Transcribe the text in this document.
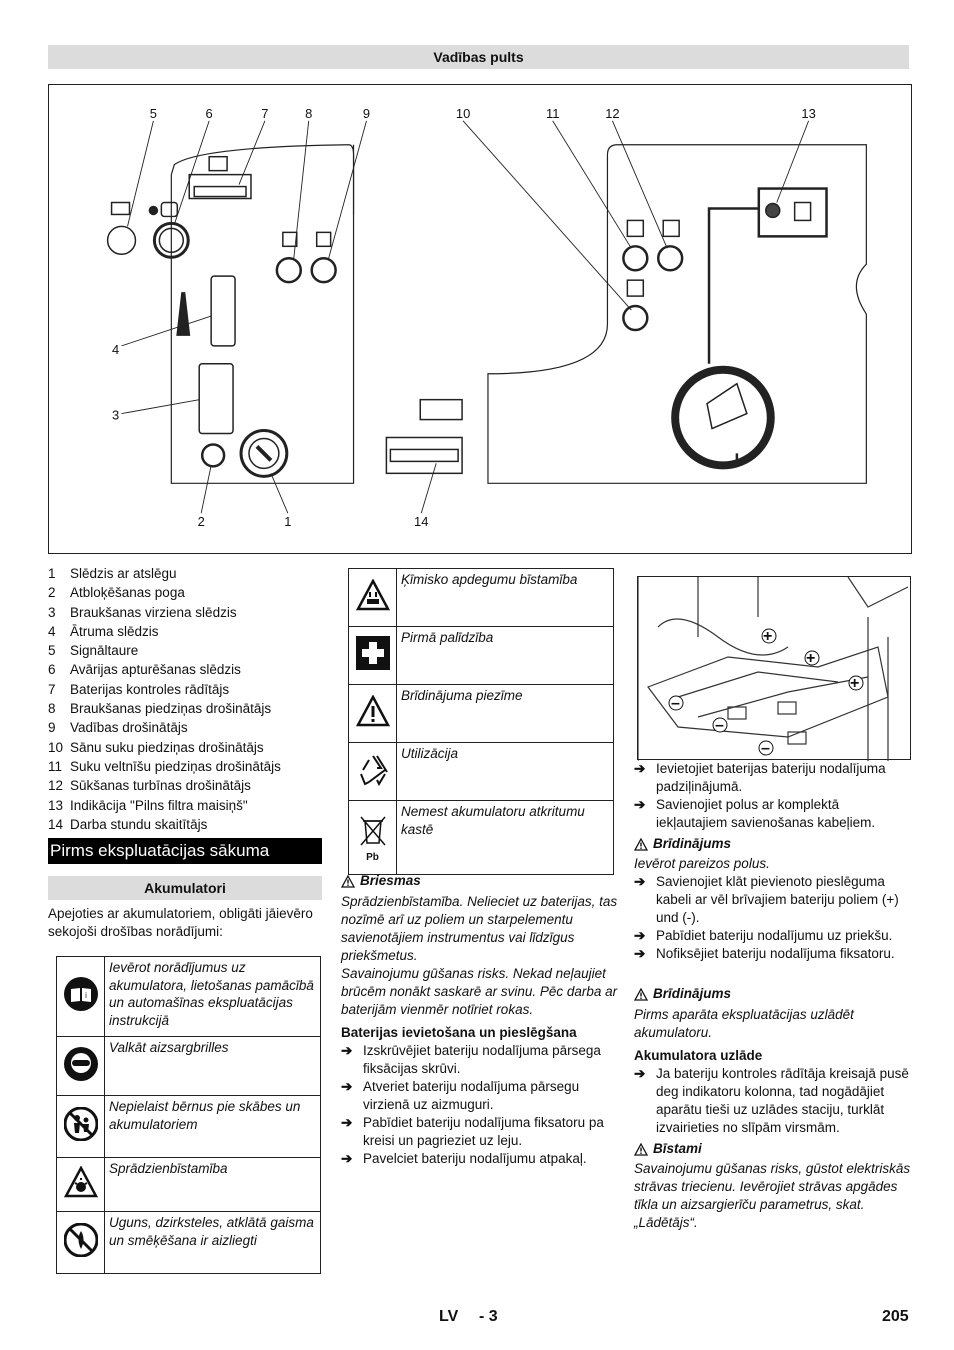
Vadības pults
5	6	7	8	9	10	11	12	13
4
3
2	1	14
1	Slēdzis ar atslēgu
2	Atbloķēšanas poga
3	Braukšanas virziena slēdzis
4	Ātruma slēdzis
5	Signāltaure
6	Avārijas apturēšanas slēdzis
7	Baterijas kontroles rādītājs
8	Braukšanas piedziņas drošinātājs
9	Vadības drošinātājs
10 Sānu suku piedziņas drošinātājs
11 Suku veltnīšu piedziņas drošinātājs
12 Sūkšanas turbīnas drošinātājs
13 Indikācija "Pilns filtra maisiņš"
14 Darba stundu skaitītājs
Pirms ekspluatācijas sākuma
Akumulatori
Apejoties ar akumulatoriem, obligāti jāievēro sekojoši drošības norādījumi:
i	Ievērot norādījumus uz akumulatora, lietošanas pamācībā un automašīnas ekspluatācijas instrukcijā
	Valkāt aizsargbrilles
	Nepielaist bērnus pie skābes un akumulatoriem
	Sprādzienbīstamība
	Uguns, dzirksteles, atklātā gaisma un smēķēšana ir aizliegti
	Ķīmisko apdegumu bīstamība
	Pirmā palīdzība
	Brīdinājuma piezīme
	Utilizācija

Pb	Nemest akumulatoru atkritumu kastē
Briesmas
Sprādzienbīstamība. Nelieciet uz baterijas, tas nozīmē arī uz poliem un starpelementu savienotājiem instrumentus vai līdzīgus priekšmetus.
Savainojumu gūšanas risks. Nekad neļaujiet brūcēm nonākt saskarē ar svinu. Pēc darba ar baterijām vienmēr notīriet rokas.
Baterijas ievietošana un pieslēgšana
➔ Izskrūvējiet bateriju nodalījuma pārsega fiksācijas skrūvi.
➔ Atveriet bateriju nodalījuma pārsegu virzienā uz aizmuguri.
➔ Pabīdiet bateriju nodalījuma fiksatoru pa kreisi un pagrieziet uz leju.
➔ Pavelciet bateriju nodalījumu atpakaļ.
+
+
+
–
–
–
➔ Ievietojiet baterijas bateriju nodalījuma padziļinājumā.
➔ Savienojiet polus ar komplektā iekļautajiem savienošanas kabeļiem.
Brīdinājums
Ievērot pareizos polus.
➔ Savienojiet klāt pievienoto pieslēguma kabeli ar vēl brīvajiem bateriju poliem (+) und (-).
➔ Pabīdiet bateriju nodalījumu uz priekšu.
➔ Nofiksējiet bateriju nodalījuma fiksatoru.
Brīdinājums
Pirms aparāta ekspluatācijas uzlādēt akumulatoru.
Akumulatora uzlāde
➔ Ja bateriju kontroles rādītāja kreisajā pusē deg indikatoru kolonna, tad nogādājiet aparātu tieši uz uzlādes staciju, turklāt izvairieties no slīpām virsmām.
Bīstami
Savainojumu gūšanas risks, gūstot elektriskās strāvas triecienu. Ievērojiet strāvas apgādes tīkla un aizsargierīču parametrus, skat. „Lādētājs“.
LV - 3	205
